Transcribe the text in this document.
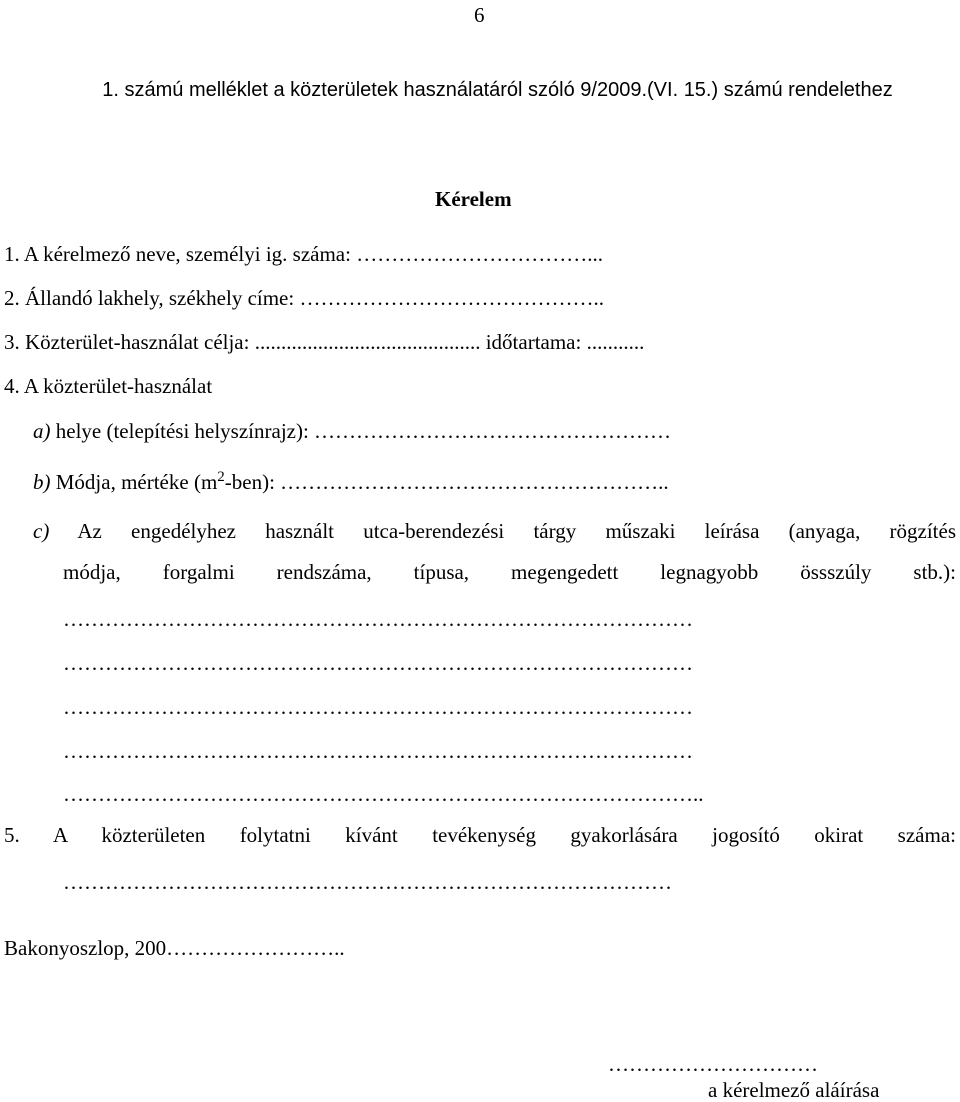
6
1. számú melléklet a közterületek használatáról szóló 9/2009.(VI. 15.) számú rendelethez
Kérelem
1. A kérelmező neve, személyi ig. száma: ……………………………...
2. Állandó lakhely, székhely címe: ……………………………………..
3. Közterület-használat célja: ........................................... időtartama: ...........
4. A közterület-használat
a) helye (telepítési helyszínrajz): ……………………………………………
b) Módja, mértéke $(m^2-ben)$: ………………………………………………..
c) Az engedélyhez használt utca-berendezési tárgy műszaki leírása (anyaga, rögzítés
módja, forgalmi rendszáma, típusa, megengedett legnagyobb össszúly stb.):
………………………………………………………………………………
………………………………………………………………………………
………………………………………………………………………………
………………………………………………………………………………
………………………………………………………………………………..
5. A közterületen folytatni kívánt tevékenység gyakorlására jogosító okirat száma:
……………………………………………………………………………
Bakonyoszlop, 200……………………..
…………………………
a kérelmező aláírása
